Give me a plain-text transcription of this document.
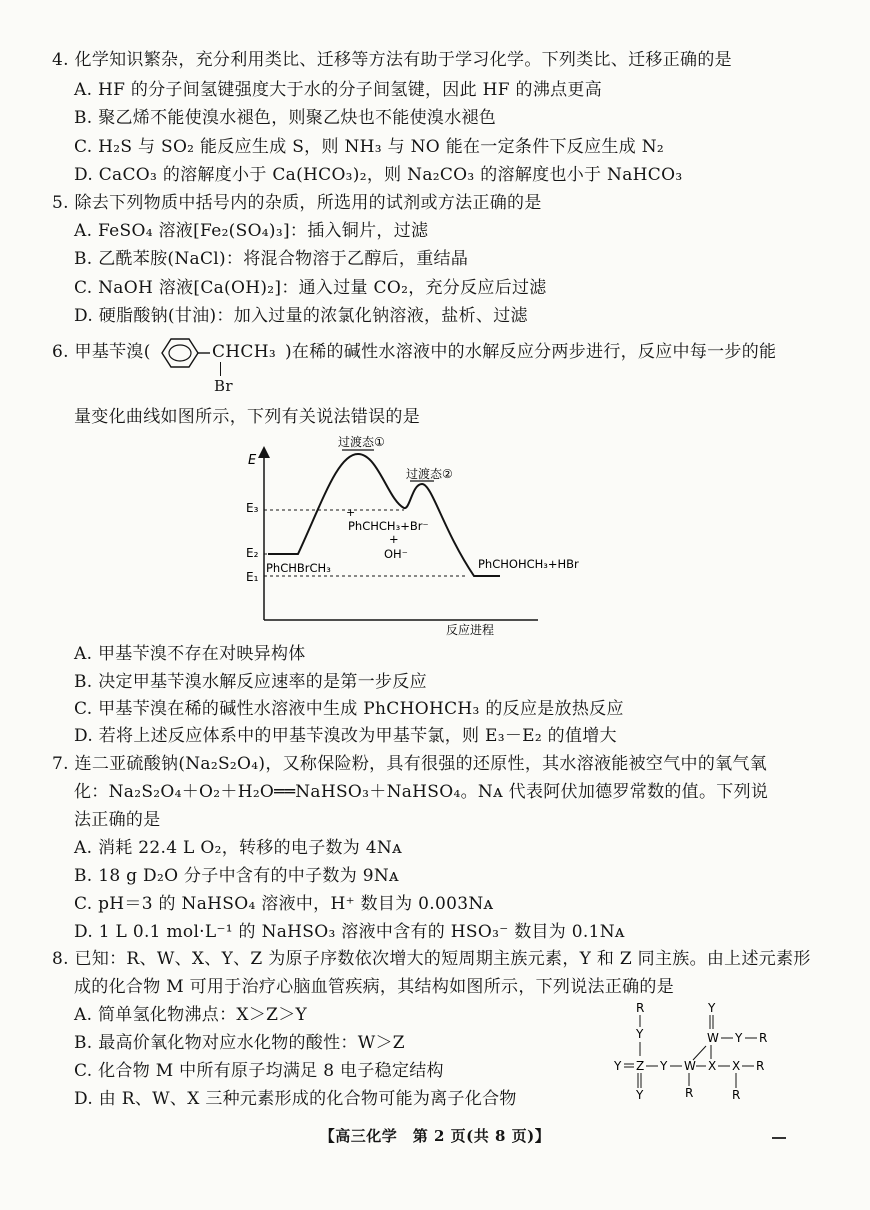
4. 化学知识繁杂，充分利用类比、迁移等方法有助于学习化学。下列类比、迁移正确的是
A. HF 的分子间氢键强度大于水的分子间氢键，因此 HF 的沸点更高
B. 聚乙烯不能使溴水褪色，则聚乙炔也不能使溴水褪色
C. H₂S 与 SO₂ 能反应生成 S，则 NH₃ 与 NO 能在一定条件下反应生成 N₂
D. CaCO₃ 的溶解度小于 Ca(HCO₃)₂，则 Na₂CO₃ 的溶解度也小于 NaHCO₃
5. 除去下列物质中括号内的杂质，所选用的试剂或方法正确的是
A. FeSO₄ 溶液[Fe₂(SO₄)₃]：插入铜片，过滤
B. 乙酰苯胺(NaCl)：将混合物溶于乙醇后，重结晶
C. NaOH 溶液[Ca(OH)₂]：通入过量 CO₂，充分反应后过滤
D. 硬脂酸钠(甘油)：加入过量的浓氯化钠溶液，盐析、过滤
6. 甲基苄溴(	CHCH₃
Br
)在稀的碱性水溶液中的水解反应分两步进行，反应中每一步的能
量变化曲线如图所示，下列有关说法错误的是
E
反应进程
E₃
E₂
E₁
过渡态①
过渡态②
PhCHBrCH₃
+
PhCHCH₃+Br⁻
+
OH⁻
PhCHOHCH₃+HBr
A. 甲基苄溴不存在对映异构体
B. 决定甲基苄溴水解反应速率的是第一步反应
C. 甲基苄溴在稀的碱性水溶液中生成 PhCHOHCH₃ 的反应是放热反应
D. 若将上述反应体系中的甲基苄溴改为甲基苄氯，则 E₃－E₂ 的值增大
7. 连二亚硫酸钠(Na₂S₂O₄)，又称保险粉，具有很强的还原性，其水溶液能被空气中的氧气氧
化：Na₂S₂O₄＋O₂＋H₂O══NaHSO₃＋NaHSO₄。Nᴀ 代表阿伏加德罗常数的值。下列说
法正确的是
A. 消耗 22.4 L O₂，转移的电子数为 4Nᴀ
B. 18 g D₂O 分子中含有的中子数为 9Nᴀ
C. pH＝3 的 NaHSO₄ 溶液中，H⁺ 数目为 0.003Nᴀ
D. 1 L 0.1 mol·L⁻¹ 的 NaHSO₃ 溶液中含有的 HSO₃⁻ 数目为 0.1Nᴀ
8. 已知：R、W、X、Y、Z 为原子序数依次增大的短周期主族元素，Y 和 Z 同主族。由上述元素形
成的化合物 M 可用于治疗心脑血管疾病，其结构如图所示，下列说法正确的是
A. 简单氢化物沸点：X＞Z＞Y
B. 最高价氧化物对应水化物的酸性：W＞Z
C. 化合物 M 中所有原子均满足 8 电子稳定结构
D. 由 R、W、X 三种元素形成的化合物可能为离子化合物
R	Y
Y	W Y R
Y Z Y W X X R
Y	R	R
【高三化学　第 2 页(共 8 页)】
